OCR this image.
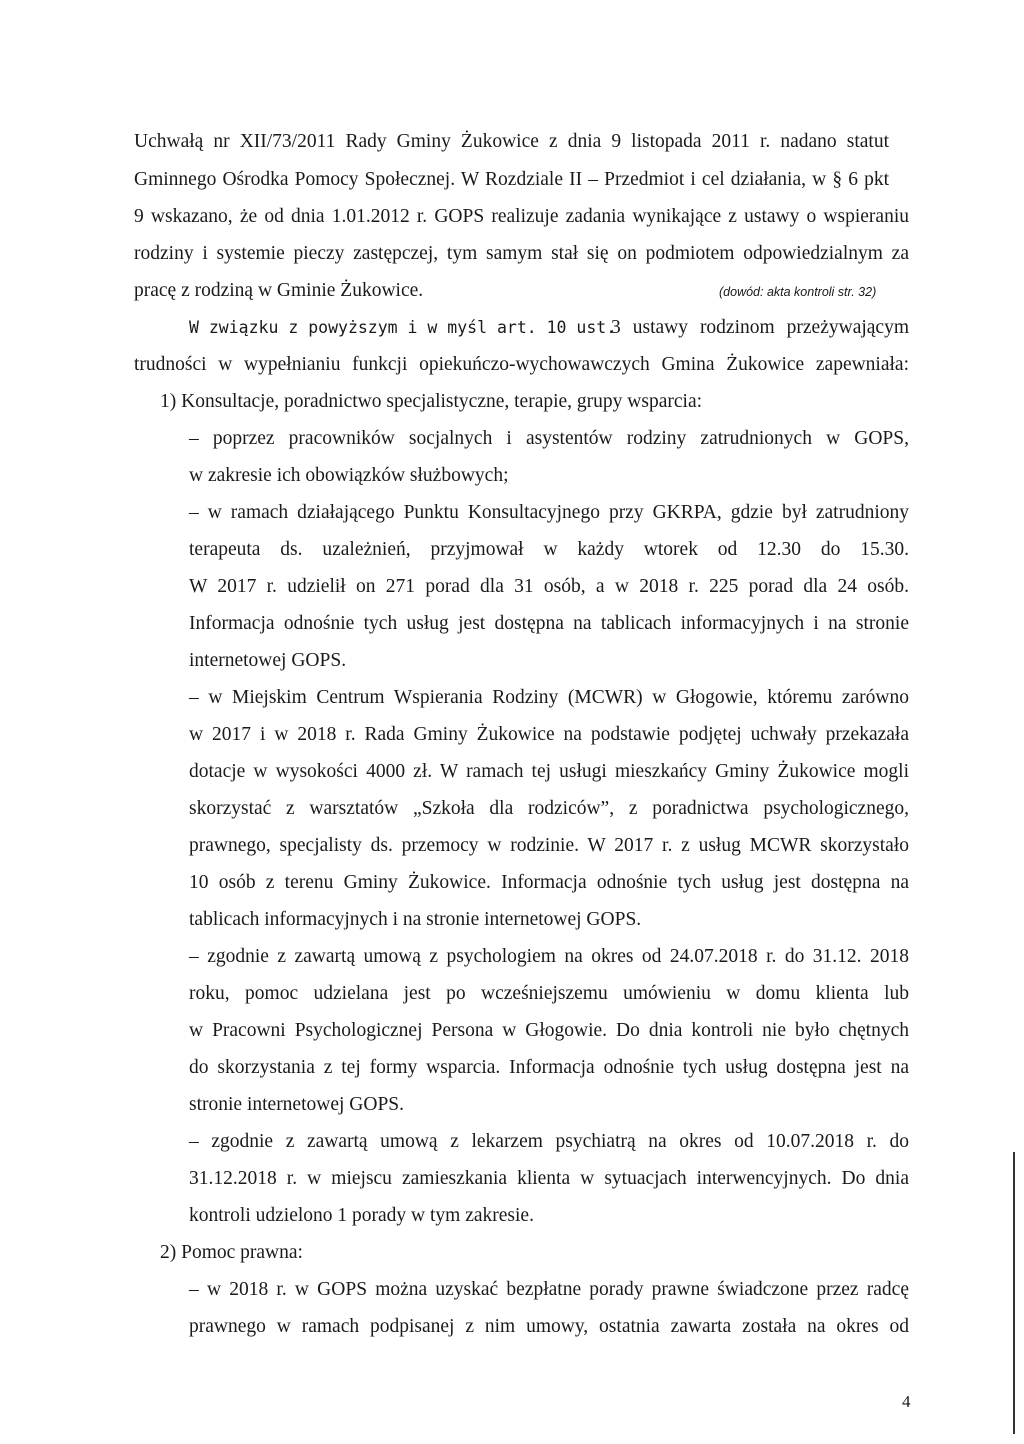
Uchwałą nr XII/73/2011 Rady Gminy Żukowice z dnia 9 listopada 2011 r. nadano statut
Gminnego Ośrodka Pomocy Społecznej. W Rozdziale II – Przedmiot i cel działania, w § 6 pkt
9 wskazano, że od dnia 1.01.2012 r. GOPS realizuje zadania wynikające z ustawy o wspieraniu
rodziny i systemie pieczy zastępczej, tym samym stał się on podmiotem odpowiedzialnym za
pracę z rodziną w Gminie Żukowice.	(dowód: akta kontroli str. 32)
W związku z powyższym i w myśl art. 10 ust.
3 ustawy rodzinom przeżywającym
trudności w wypełnianiu funkcji opiekuńczo-wychowawczych Gmina Żukowice zapewniała:
1) Konsultacje, poradnictwo specjalistyczne, terapie, grupy wsparcia:
– poprzez pracowników socjalnych i asystentów rodziny zatrudnionych w GOPS,
w zakresie ich obowiązków służbowych;
– w ramach działającego Punktu Konsultacyjnego przy GKRPA, gdzie był zatrudniony
terapeuta ds. uzależnień, przyjmował w każdy wtorek od 12.30 do 15.30.
W 2017 r. udzielił on 271 porad dla 31 osób, a w 2018 r. 225 porad dla 24 osób.
Informacja odnośnie tych usług jest dostępna na tablicach informacyjnych i na stronie
internetowej GOPS.
– w Miejskim Centrum Wspierania Rodziny (MCWR) w Głogowie, któremu zarówno
w 2017 i w 2018 r. Rada Gminy Żukowice na podstawie podjętej uchwały przekazała
dotacje w wysokości 4000 zł. W ramach tej usługi mieszkańcy Gminy Żukowice mogli
skorzystać z warsztatów „Szkoła dla rodziców”, z poradnictwa psychologicznego,
prawnego, specjalisty ds. przemocy w rodzinie. W 2017 r. z usług MCWR skorzystało
10 osób z terenu Gminy Żukowice. Informacja odnośnie tych usług jest dostępna na
tablicach informacyjnych i na stronie internetowej GOPS.
– zgodnie z zawartą umową z psychologiem na okres od 24.07.2018 r. do 31.12. 2018
roku, pomoc udzielana jest po wcześniejszemu umówieniu w domu klienta lub
w Pracowni Psychologicznej Persona w Głogowie. Do dnia kontroli nie było chętnych
do skorzystania z tej formy wsparcia. Informacja odnośnie tych usług dostępna jest na
stronie internetowej GOPS.
– zgodnie z zawartą umową z lekarzem psychiatrą na okres od 10.07.2018 r. do
31.12.2018 r. w miejscu zamieszkania klienta w sytuacjach interwencyjnych. Do dnia
kontroli udzielono 1 porady w tym zakresie.
2) Pomoc prawna:
– w 2018 r. w GOPS można uzyskać bezpłatne porady prawne świadczone przez radcę
prawnego w ramach podpisanej z nim umowy, ostatnia zawarta została na okres od
4
